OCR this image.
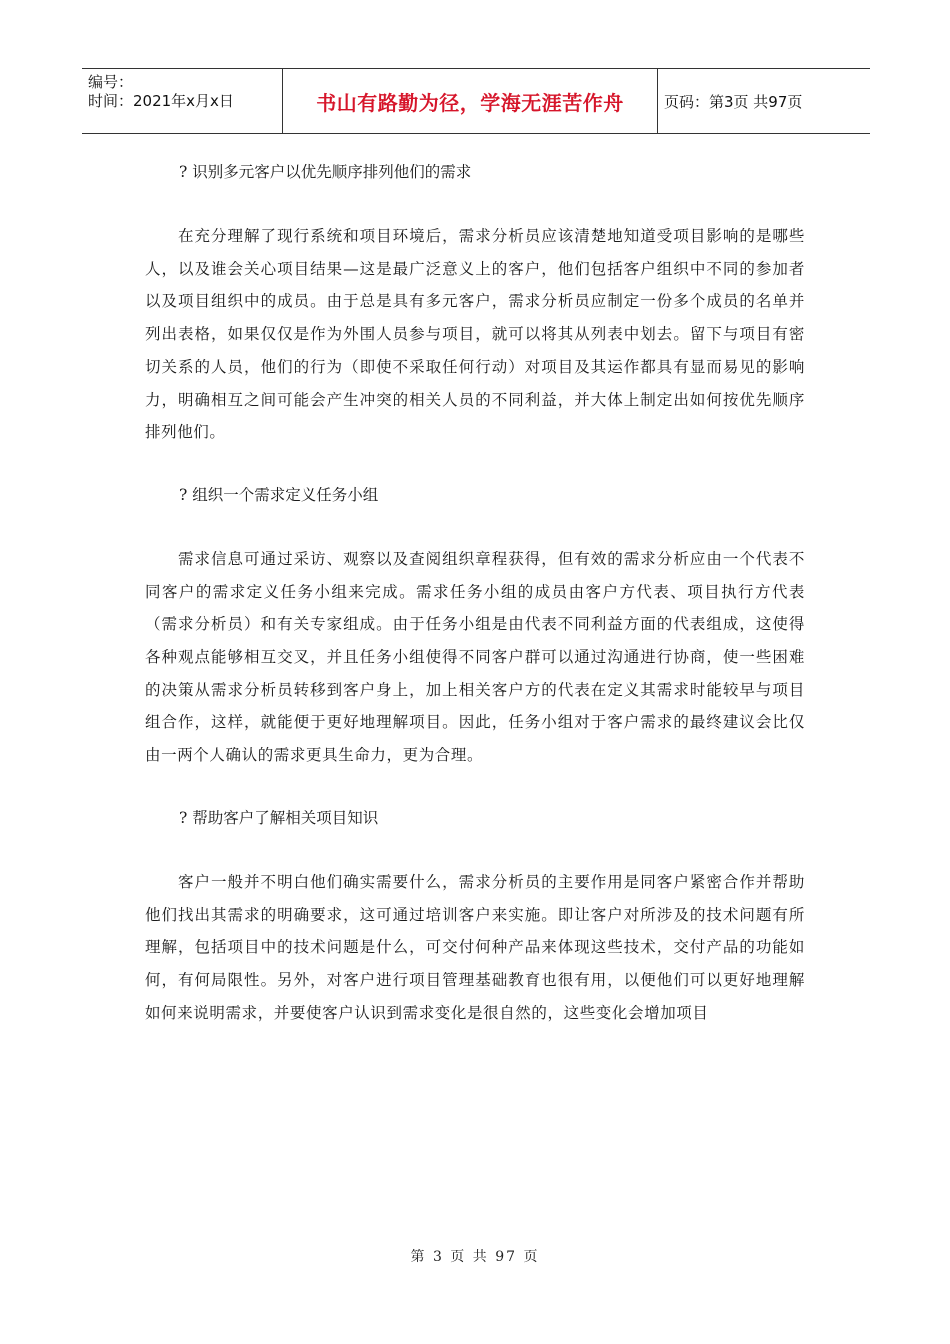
编号：
时间：2021年x月x日	书山有路勤为径，学海无涯苦作舟	页码：第3页 共97页
? 识别多元客户以优先顺序排列他们的需求
在充分理解了现行系统和项目环境后，需求分析员应该清楚地知道受项目影响的是哪些人，以及谁会关心项目结果—这是最广泛意义上的客户，他们包括客户组织中不同的参加者以及项目组织中的成员。由于总是具有多元客户，需求分析员应制定一份多个成员的名单并列出表格，如果仅仅是作为外围人员参与项目，就可以将其从列表中划去。留下与项目有密切关系的人员，他们的行为（即使不采取任何行动）对项目及其运作都具有显而易见的影响力，明确相互之间可能会产生冲突的相关人员的不同利益，并大体上制定出如何按优先顺序排列他们。
? 组织一个需求定义任务小组
需求信息可通过采访、观察以及查阅组织章程获得，但有效的需求分析应由一个代表不同客户的需求定义任务小组来完成。需求任务小组的成员由客户方代表、项目执行方代表（需求分析员）和有关专家组成。由于任务小组是由代表不同利益方面的代表组成，这使得各种观点能够相互交叉，并且任务小组使得不同客户群可以通过沟通进行协商，使一些困难的决策从需求分析员转移到客户身上，加上相关客户方的代表在定义其需求时能较早与项目组合作，这样，就能便于更好地理解项目。因此，任务小组对于客户需求的最终建议会比仅由一两个人确认的需求更具生命力，更为合理。
? 帮助客户了解相关项目知识
客户一般并不明白他们确实需要什么，需求分析员的主要作用是同客户紧密合作并帮助他们找出其需求的明确要求，这可通过培训客户来实施。即让客户对所涉及的技术问题有所理解，包括项目中的技术问题是什么，可交付何种产品来体现这些技术，交付产品的功能如何，有何局限性。另外，对客户进行项目管理基础教育也很有用，以便他们可以更好地理解如何来说明需求，并要使客户认识到需求变化是很自然的，这些变化会增加项目
第 3 页 共 97 页
